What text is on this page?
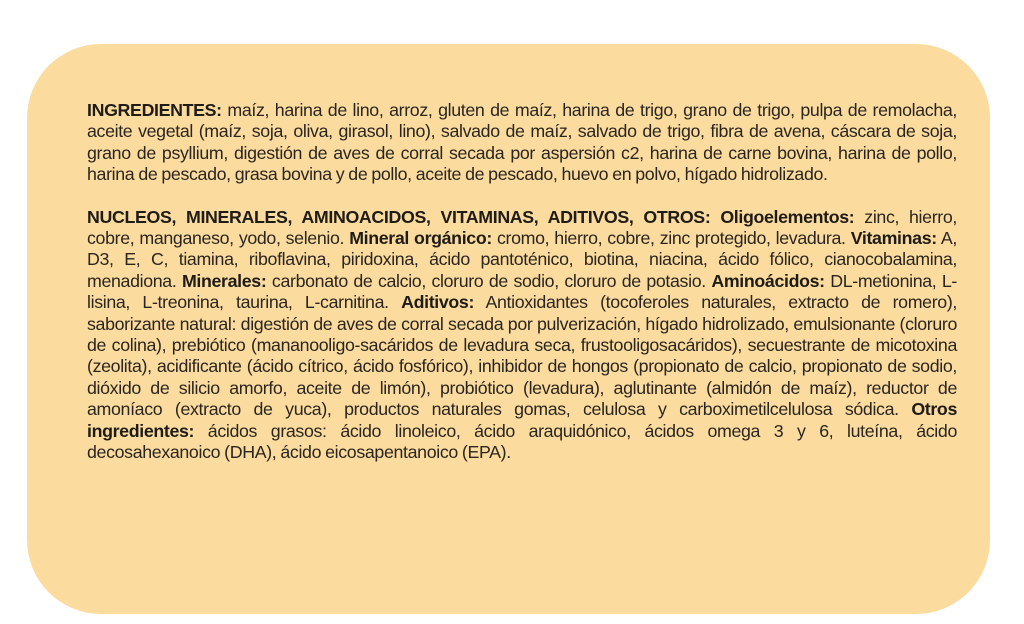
INGREDIENTES: maíz, harina de lino, arroz, gluten de maíz, harina de trigo, grano de trigo, pulpa de remolacha, aceite vegetal (maíz, soja, oliva, girasol, lino), salvado de maíz, salvado de trigo, fibra de avena, cáscara de soja, grano de psyllium, digestión de aves de corral secada por aspersión c2, harina de carne bovina, harina de pollo, harina de pescado, grasa bovina y de pollo, aceite de pescado, huevo en polvo, hígado hidrolizado.

NUCLEOS, MINERALES, AMINOACIDOS, VITAMINAS, ADITIVOS, OTROS: Oligoelementos: zinc, hierro, cobre, manganeso, yodo, selenio. Mineral orgánico: cromo, hierro, cobre, zinc protegido, levadura. Vitaminas: A, D3, E, C, tiamina, riboflavina, piridoxina, ácido pantoténico, biotina, niacina, ácido fólico, cianocobalamina, menadiona. Minerales: carbonato de calcio, cloruro de sodio, cloruro de potasio. Aminoácidos: DL-metionina, L-lisina, L-treonina, taurina, L-carnitina. Aditivos: Antioxidantes (tocoferoles naturales, extracto de romero), saborizante natural: digestión de aves de corral secada por pulverización, hígado hidrolizado, emulsionante (cloruro de colina), prebiótico (mananooligo-sacáridos de levadura seca, frustooligosacáridos), secuestrante de micotoxina (zeolita), acidificante (ácido cítrico, ácido fosfórico), inhibidor de hongos (propionato de calcio, propionato de sodio, dióxido de silicio amorfo, aceite de limón), probiótico (levadura), aglutinante (almidón de maíz), reductor de amoníaco (extracto de yuca), productos naturales gomas, celulosa y carboximetilcelulosa sódica. Otros ingredientes: ácidos grasos: ácido linoleico, ácido araquidónico, ácidos omega 3 y 6, luteína, ácido decosahexanoico (DHA), ácido eicosapentanoico (EPA).
